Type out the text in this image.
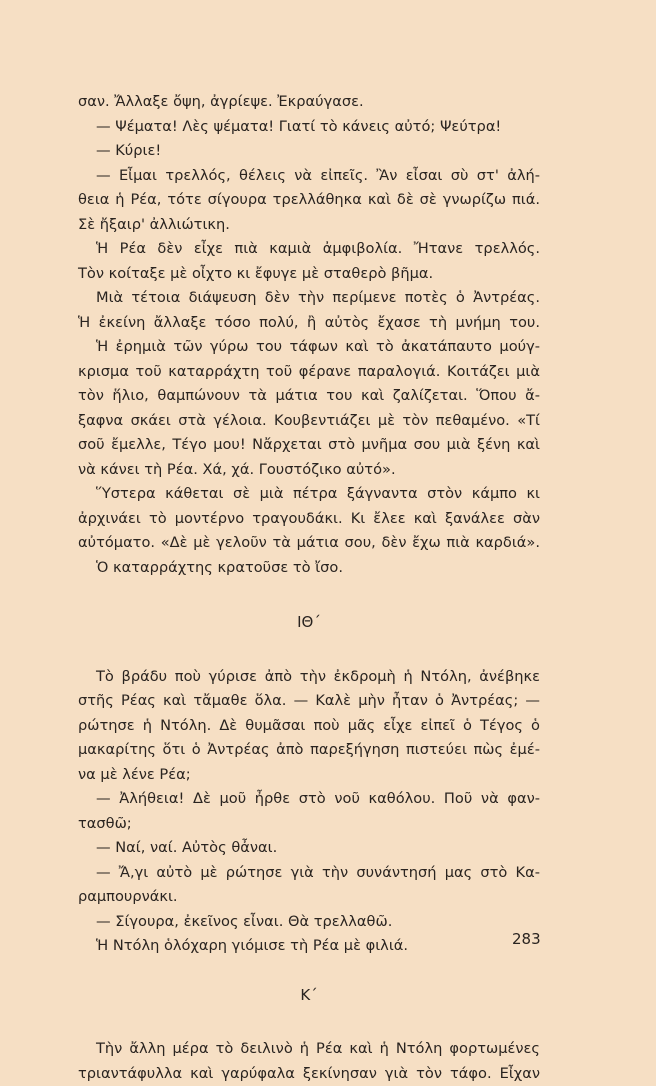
σαν. Ἄλλαξε ὄψη, ἀγρίεψε. Ἐκραύγασε.
— Ψέματα! Λὲς ψέματα! Γιατί τὸ κάνεις αὐτό; Ψεύτρα!
— Κύριε!
— Εἶμαι τρελλός, θέλεις νὰ εἰπεῖς. Ἂν εἶσαι σὺ στ' ἀλή-
θεια ἡ Ρέα, τότε σίγουρα τρελλάθηκα καὶ δὲ σὲ γνωρίζω πιά.
Σὲ ἤξαιρ' ἀλλιώτικη.
Ἡ Ρέα δὲν εἶχε πιὰ καμιὰ ἀμφιβολία. Ἤτανε τρελλός.
Τὸν κοίταξε μὲ οἶχτο κι ἔφυγε μὲ σταθερὸ βῆμα.
Μιὰ τέτοια διάψευση δὲν τὴν περίμενε ποτὲς ὁ Ἀντρέας.
Ἡ ἐκείνη ἄλλαξε τόσο πολύ, ἢ αὐτὸς ἔχασε τὴ μνήμη του.
Ἡ ἐρημιὰ τῶν γύρω του τάφων καὶ τὸ ἀκατάπαυτο μούγ-
κρισμα τοῦ καταρράχτη τοῦ φέρανε παραλογιά. Κοιτάζει μιὰ
τὸν ἥλιο, θαμπώνουν τὰ μάτια του καὶ ζαλίζεται. Ὅπου ἄ-
ξαφνα σκάει στὰ γέλοια. Κουβεντιάζει μὲ τὸν πεθαμένο. «Τί
σοῦ ἔμελλε, Τέγο μου! Νἄρχεται στὸ μνῆμα σου μιὰ ξένη καὶ
νὰ κάνει τὴ Ρέα. Χά, χά. Γουστόζικο αὐτό».
Ὕστερα κάθεται σὲ μιὰ πέτρα ξάγναντα στὸν κάμπο κι
ἀρχινάει τὸ μοντέρνο τραγουδάκι. Κι ἔλεε καὶ ξανάλεε σὰν
αὐτόματο. «Δὲ μὲ γελοῦν τὰ μάτια σου, δὲν ἔχω πιὰ καρδιά».
Ὁ καταρράχτης κρατοῦσε τὸ ἴσο.
ΙΘ΄
Τὸ βράδυ ποὺ γύρισε ἀπὸ τὴν ἐκδρομὴ ἡ Ντόλη, ἀνέβηκε
στῆς Ρέας καὶ τἄμαθε ὅλα. — Καλὲ μὴν ἦταν ὁ Ἀντρέας; —
ρώτησε ἡ Ντόλη. Δὲ θυμᾶσαι ποὺ μᾶς εἶχε εἰπεῖ ὁ Τέγος ὁ
μακαρίτης ὅτι ὁ Ἀντρέας ἀπὸ παρεξήγηση πιστεύει πὼς ἐμέ-
να μὲ λένε Ρέα;
— Ἀλήθεια! Δὲ μοῦ ἦρθε στὸ νοῦ καθόλου. Ποῦ νὰ φαν-
τασθῶ;
— Ναί, ναί. Αὐτὸς θἆναι.
— Ἄ,γι αὐτὸ μὲ ρώτησε γιὰ τὴν συνάντησή μας στὸ Κα-
ραμπουρνάκι.
— Σίγουρα, ἐκεῖνος εἶναι. Θὰ τρελλαθῶ.
Ἡ Ντόλη ὁλόχαρη γιόμισε τὴ Ρέα μὲ φιλιά.
Κ΄
Τὴν ἄλλη μέρα τὸ δειλινὸ ἡ Ρέα καὶ ἡ Ντόλη φορτωμένες
τριαντάφυλλα καὶ γαρύφαλα ξεκίνησαν γιὰ τὸν τάφο. Εἶχαν
283
